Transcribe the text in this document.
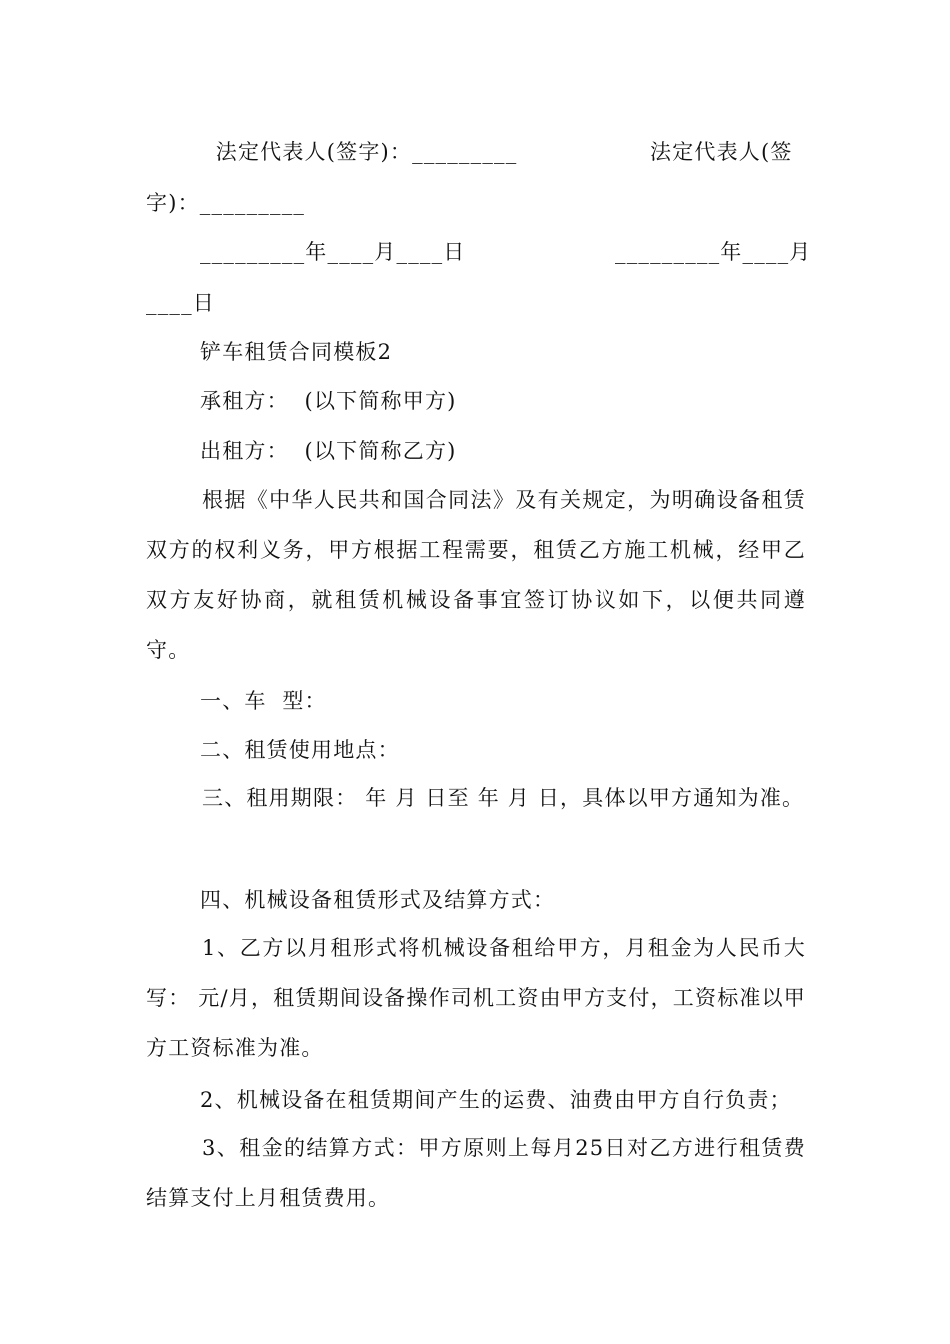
法定代表人(签字)：_________	法定代表人(签
字)：_________
_________年____月____日	_________年____月
____日
铲车租赁合同模板2
承租方：  (以下简称甲方)
出租方：  (以下简称乙方)
根据《中华人民共和国合同法》及有关规定，为明确设备租赁双方的权利义务，甲方根据工程需要，租赁乙方施工机械，经甲乙双方友好协商，就租赁机械设备事宜签订协议如下，以便共同遵守。
一、车  型：
二、租赁使用地点：
三、租用期限： 年 月 日至 年 月 日，具体以甲方通知为准。
四、机械设备租赁形式及结算方式：
1、乙方以月租形式将机械设备租给甲方，月租金为人民币大写： 元/月，租赁期间设备操作司机工资由甲方支付，工资标准以甲方工资标准为准。
2、机械设备在租赁期间产生的运费、油费由甲方自行负责；
3、租金的结算方式：甲方原则上每月25日对乙方进行租赁费结算支付上月租赁费用。
